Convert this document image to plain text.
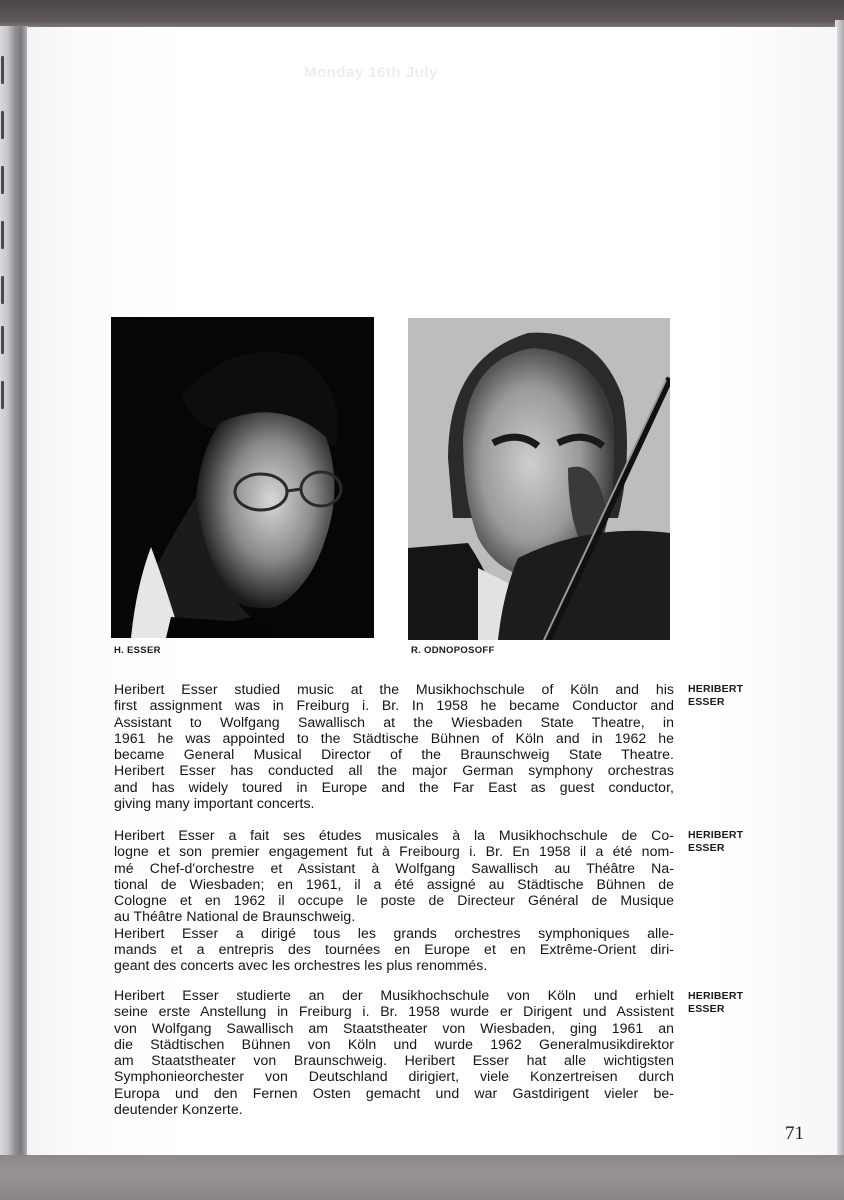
Monday 16th July
H. ESSER	R. ODNOPOSOFF
Heribert Esser studied music at the Musikhochschule of Köln and his
first assignment was in Freiburg i. Br. In 1958 he became Conductor and
Assistant to Wolfgang Sawallisch at the Wiesbaden State Theatre, in
1961 he was appointed to the Städtische Bühnen of Köln and in 1962 he
became General Musical Director of the Braunschweig State Theatre.
Heribert Esser has conducted all the major German symphony orchestras
and has widely toured in Europe and the Far East as guest conductor,
giving many important concerts.
HERIBERT
ESSER
Heribert Esser a fait ses études musicales à la Musikhochschule de Co-
logne et son premier engagement fut à Freibourg i. Br. En 1958 il a été nom-
mé Chef-d'orchestre et Assistant à Wolfgang Sawallisch au Théâtre Na-
tional de Wiesbaden; en 1961, il a été assigné au Städtische Bühnen de
Cologne et en 1962 il occupe le poste de Directeur Général de Musique
au Théâtre National de Braunschweig.
Heribert Esser a dirigé tous les grands orchestres symphoniques alle-
mands et a entrepris des tournées en Europe et en Extrême-Orient diri-
geant des concerts avec les orchestres les plus renommés.
HERIBERT
ESSER
Heribert Esser studierte an der Musikhochschule von Köln und erhielt
seine erste Anstellung in Freiburg i. Br. 1958 wurde er Dirigent und Assistent
von Wolfgang Sawallisch am Staatstheater von Wiesbaden, ging 1961 an
die Städtischen Bühnen von Köln und wurde 1962 Generalmusikdirektor
am Staatstheater von Braunschweig. Heribert Esser hat alle wichtigsten
Symphonieorchester von Deutschland dirigiert, viele Konzertreisen durch
Europa und den Fernen Osten gemacht und war Gastdirigent vieler be-
deutender Konzerte.
HERIBERT
ESSER
71
